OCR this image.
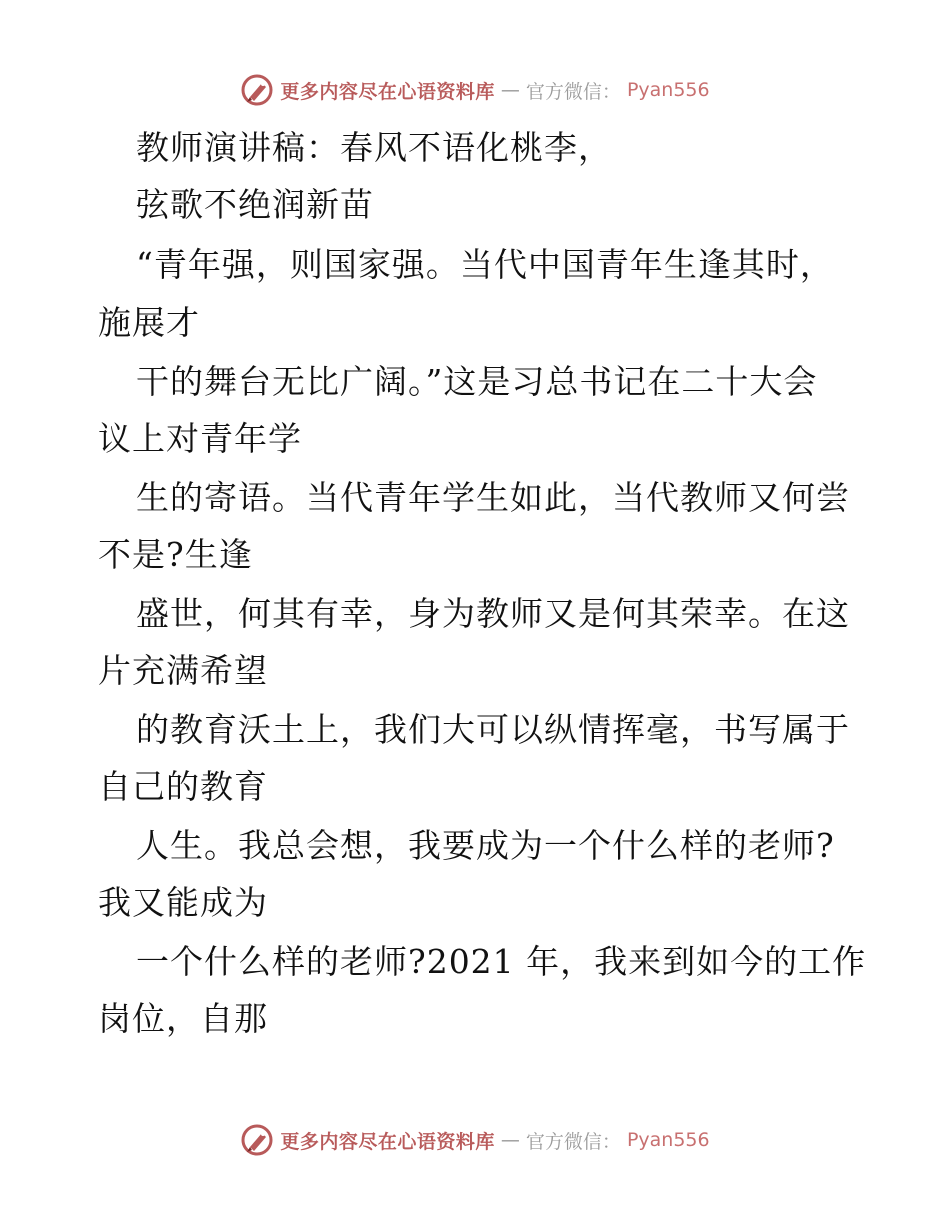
更多内容尽在心语资料库 — 官方微信： Pyan556
教师演讲稿：春风不语化桃李，
弦歌不绝润新苗
“青年强，则国家强。当代中国青年生逢其时，
施展才
干的舞台无比广阔。”这是习总书记在二十大会
议上对青年学
生的寄语。当代青年学生如此，当代教师又何尝
不是?生逢
盛世，何其有幸，身为教师又是何其荣幸。在这
片充满希望
的教育沃土上，我们大可以纵情挥毫，书写属于
自己的教育
人生。我总会想，我要成为一个什么样的老师?
我又能成为
一个什么样的老师?2021 年，我来到如今的工作
岗位，自那
更多内容尽在心语资料库 — 官方微信： Pyan556
